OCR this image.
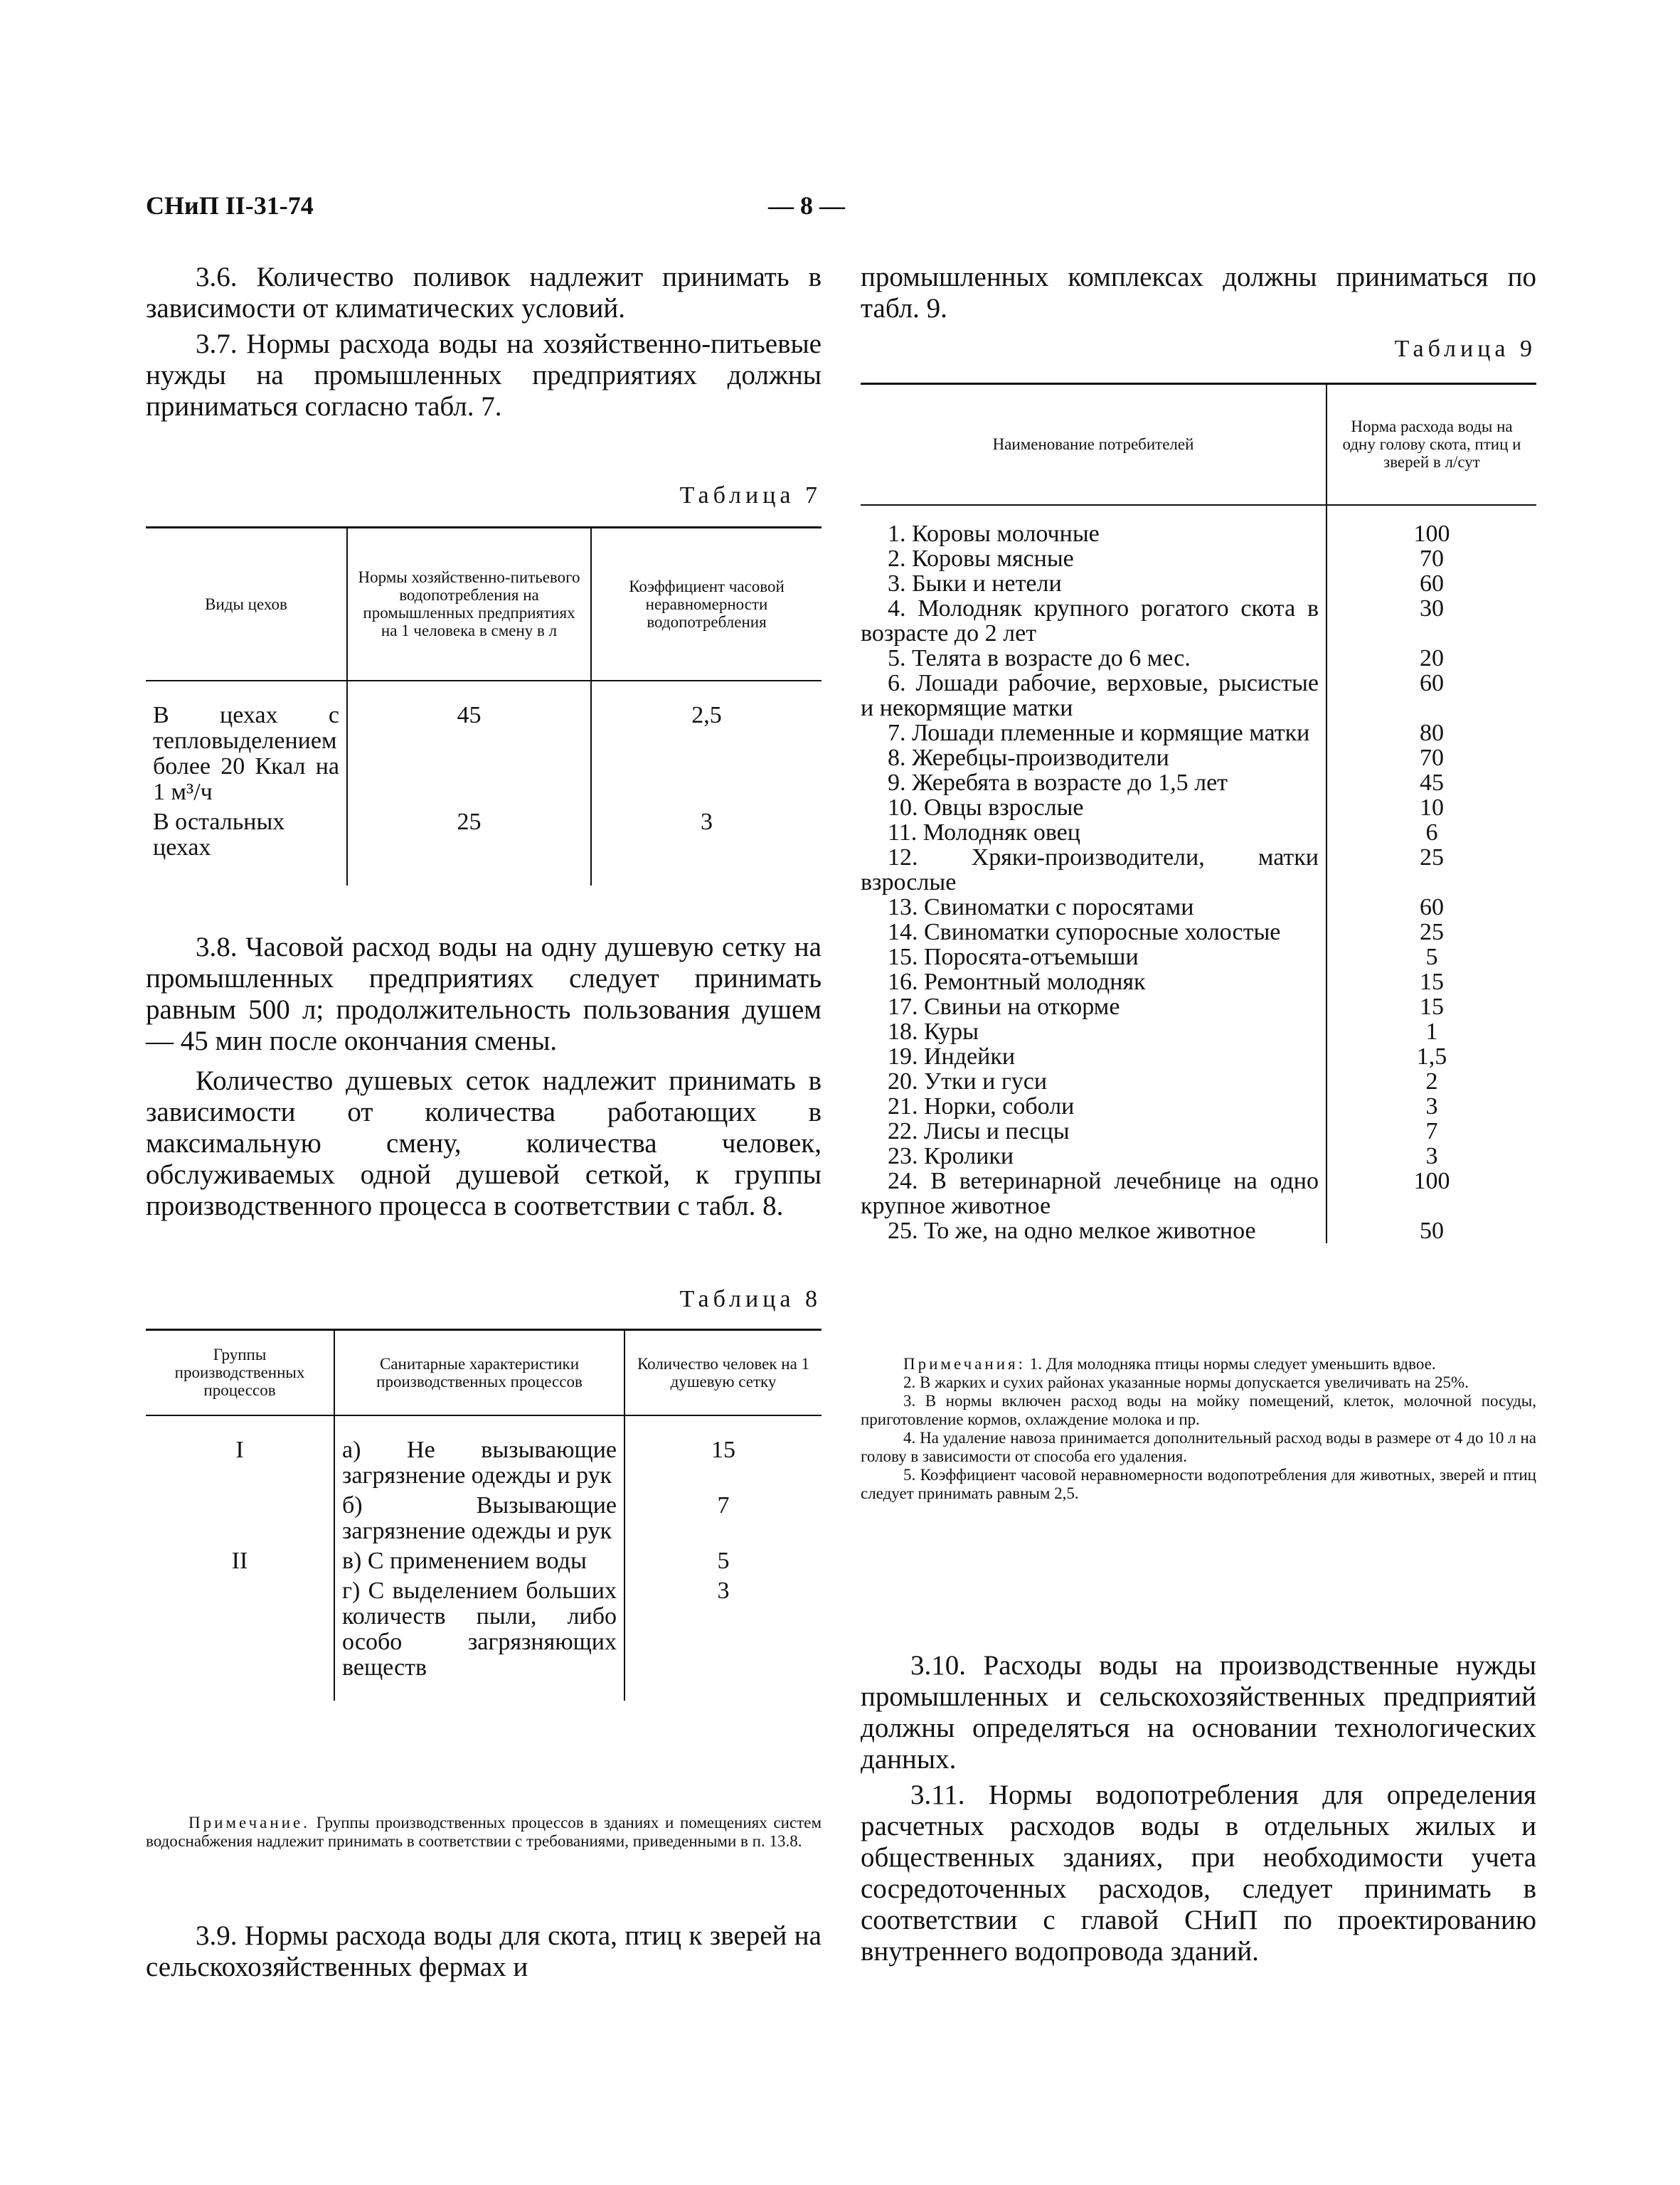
СНиП II-31-74	— 8 —

3.6. Количество поливок надлежит принимать в зависимости от климатических условий.

3.7. Нормы расхода воды на хозяйственно-питьевые нужды на промышленных предприятиях должны приниматься согласно табл. 7.

Таблица 7
Виды цехов	Нормы хозяйственно-питьевого водопотребления на промышленных предприятиях на 1 человека в смену в л	Коэффициент часовой неравномерности водопотребления
В цехах с тепловыделением более 20 Ккал на 1 м³/ч	45	2,5
В остальных цехах	25	3

3.8. Часовой расход воды на одну душевую сетку на промышленных предприятиях следует принимать равным 500 л; продолжительность пользования душем — 45 мин после окончания смены.

Количество душевых сеток надлежит принимать в зависимости от количества работающих в максимальную смену, количества человек, обслуживаемых одной душевой сеткой, к группы производственного процесса в соответствии с табл. 8.

Таблица 8
Группы производственных процессов	Санитарные характеристики производственных процессов	Количество человек на 1 душевую сетку
I	а) Не вызывающие загрязнение одежды и рук	15
	б) Вызывающие загрязнение одежды и рук	7
II	в) С применением воды	5
	г) С выделением больших количеств пыли, либо особо загрязняющих веществ	3

Примечание. Группы производственных процессов в зданиях и помещениях систем водоснабжения надлежит принимать в соответствии с требованиями, приведенными в п. 13.8.

3.9. Нормы расхода воды для скота, птиц к зверей на сельскохозяйственных фермах и

промышленных комплексах должны приниматься по табл. 9.

Таблица 9
Наименование потребителей	Норма расхода воды на одну голову скота, птиц и зверей в л/сут
1. Коровы молочные	100
2. Коровы мясные	70
3. Быки и нетели	60
4. Молодняк крупного рогатого скота в возрасте до 2 лет	30
5. Телята в возрасте до 6 мес.	20
6. Лошади рабочие, верховые, рысистые и некормящие матки	60
7. Лошади племенные и кормящие матки	80
8. Жеребцы-производители	70
9. Жеребята в возрасте до 1,5 лет	45
10. Овцы взрослые	10
11. Молодняк овец	6
12. Хряки-производители, матки взрослые	25
13. Свиноматки с поросятами	60
14. Свиноматки супоросные холостые	25
15. Поросята-отъемыши	5
16. Ремонтный молодняк	15
17. Свиньи на откорме	15
18. Куры	1
19. Индейки	1,5
20. Утки и гуси	2
21. Норки, соболи	3
22. Лисы и песцы	7
23. Кролики	3
24. В ветеринарной лечебнице на одно крупное животное	100
25. То же, на одно мелкое животное	50

Примечания: 1. Для молодняка птицы нормы следует уменьшить вдвое.

2. В жарких и сухих районах указанные нормы допускается увеличивать на 25%.

3. В нормы включен расход воды на мойку помещений, клеток, молочной посуды, приготовление кормов, охлаждение молока и пр.

4. На удаление навоза принимается дополнительный расход воды в размере от 4 до 10 л на голову в зависимости от способа его удаления.

5. Коэффициент часовой неравномерности водопотребления для животных, зверей и птиц следует принимать равным 2,5.

3.10. Расходы воды на производственные нужды промышленных и сельскохозяйственных предприятий должны определяться на основании технологических данных.

3.11. Нормы водопотребления для определения расчетных расходов воды в отдельных жилых и общественных зданиях, при необходимости учета сосредоточенных расходов, следует принимать в соответствии с главой СНиП по проектированию внутреннего водопровода зданий.
